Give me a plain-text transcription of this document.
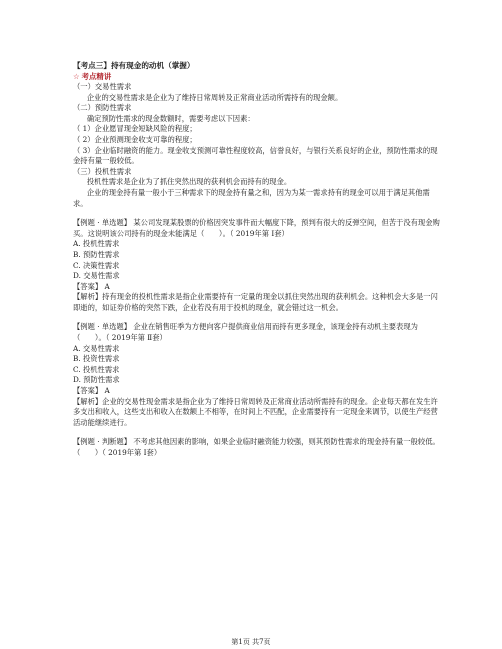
【考点三】持有现金的动机（掌握）
☆ 考点精讲
（一）交易性需求
企业的交易性需求是企业为了维持日常周转及正常商业活动所需持有的现金额。
（二）预防性需求
确定预防性需求的现金数额时，需要考虑以下因素：
（ 1）企业愿冒现金短缺风险的程度；
（ 2）企业预测现金收支可靠的程度；
（ 3）企业临时融资的能力。现金收支预测可靠性程度较高，信誉良好，与银行关系良好的企业，预防性需求的现金持有量一般较低。
（三）投机性需求
投机性需求是企业为了抓住突然出现的获利机会而持有的现金。
企业的现金持有量一般小于三种需求下的现金持有量之和，因为为某一需求持有的现金可以用于满足其他需求。
【例题 · 单选题】 某公司发现某股票的价格因突发事件而大幅度下降，预判有很大的反弹空间，但苦于没有现金购买。这说明该公司持有的现金未能满足（　　）。（ 2019年第 Ⅰ套）
A. 投机性需求
B. 预防性需求
C. 决策性需求
D. 交易性需求
【答案】 A
【解析】持有现金的投机性需求是指企业需要持有一定量的现金以抓住突然出现的获利机会。这种机会大多是一闪即逝的，如证券价格的突然下跌，企业若没有用于投机的现金，就会错过这一机会。
【例题 · 单选题】 企业在销售旺季为方便向客户提供商业信用而持有更多现金，该现金持有动机主要表现为（　　）。（ 2019年第 Ⅱ套）
A. 交易性需求
B. 投资性需求
C. 投机性需求
D. 预防性需求
【答案】 A
【解析】企业的交易性现金需求是指企业为了维持日常周转及正常商业活动所需持有的现金。企业每天都在发生许多支出和收入，这些支出和收入在数额上不相等，在时间上不匹配，企业需要持有一定现金来调节，以使生产经营活动能继续进行。
【例题 · 判断题】 不考虑其他因素的影响，如果企业临时融资能力较强，则其预防性需求的现金持有量一般较低。（　　）（ 2019年第 Ⅰ套）
第1页 共7页
